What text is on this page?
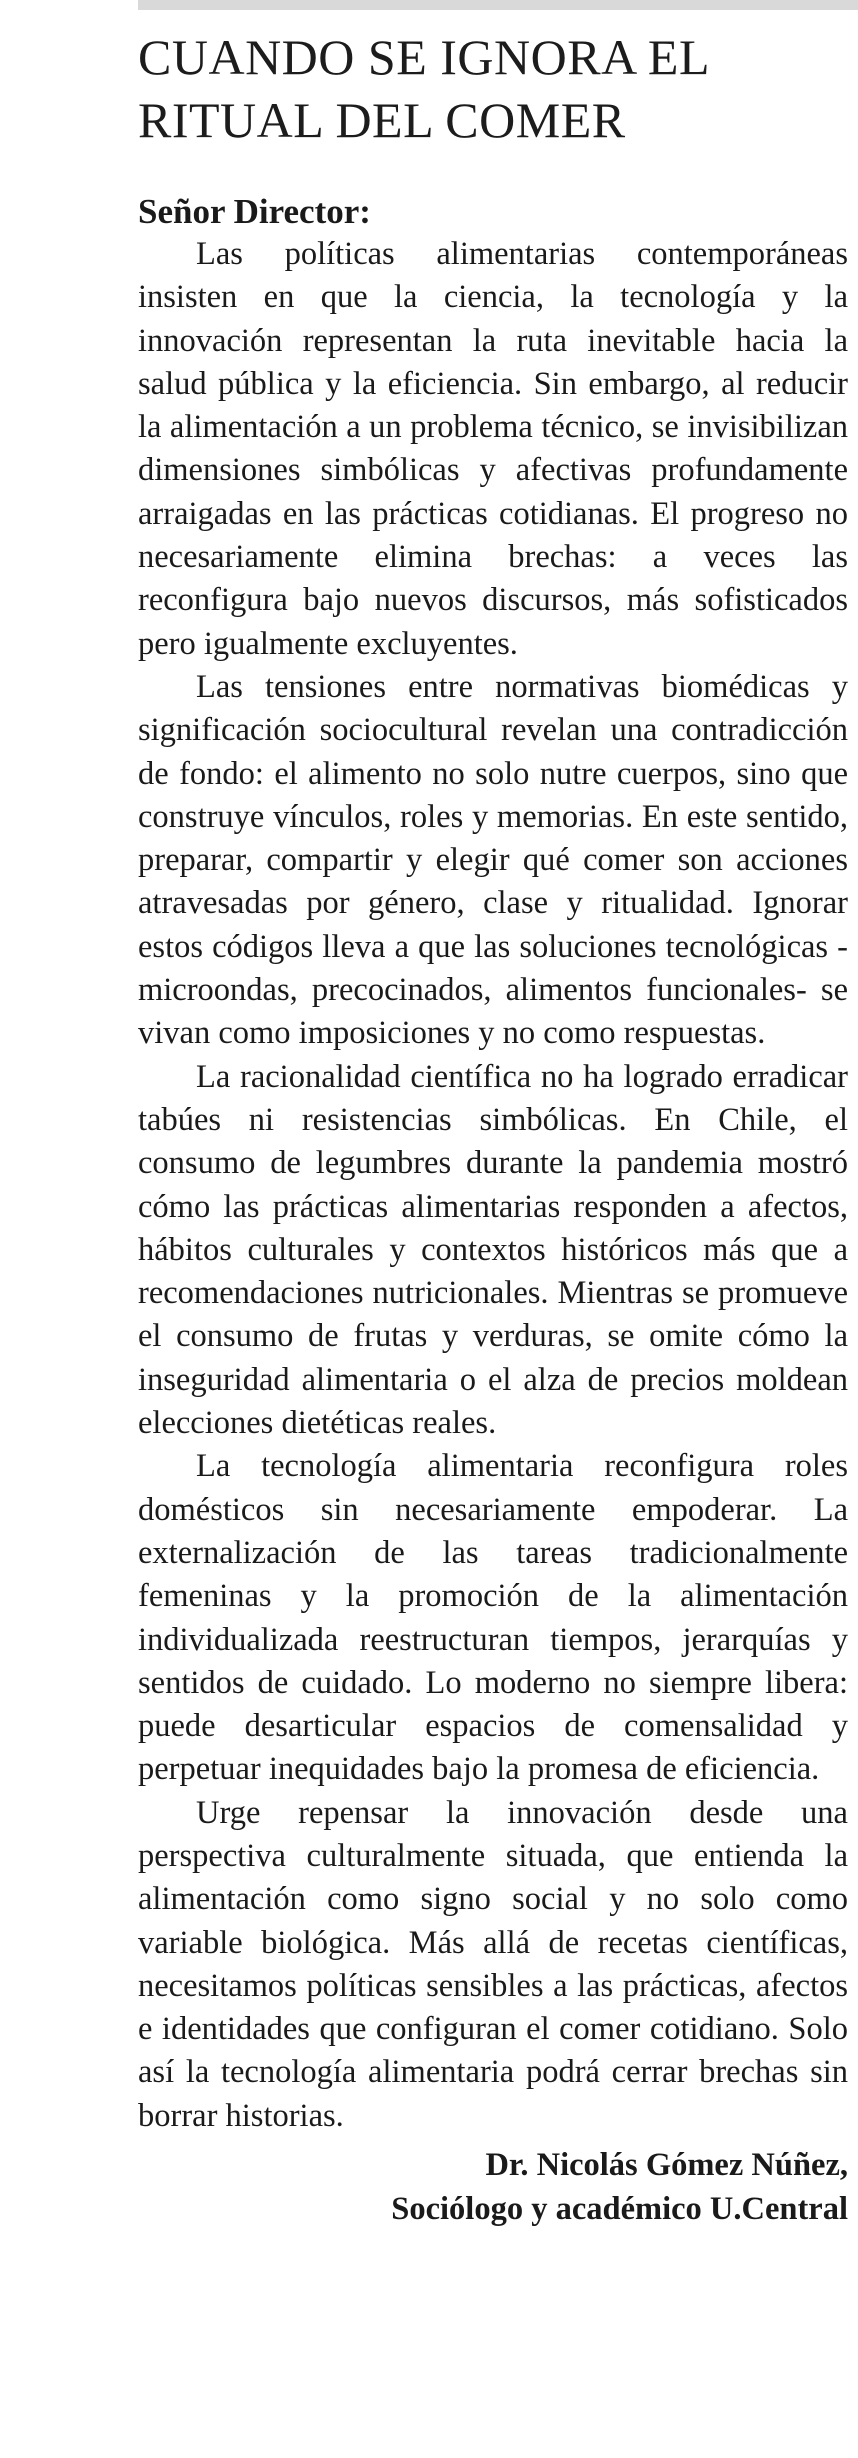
CUANDO SE IGNORA EL RITUAL DEL COMER
Señor Director:

Las políticas alimentarias contemporáneas insisten en que la ciencia, la tecnología y la innovación representan la ruta inevitable hacia la salud pública y la eficiencia. Sin embargo, al reducir la alimentación a un problema técnico, se invisibilizan dimensiones simbólicas y afectivas profundamente arraigadas en las prácticas cotidianas. El progreso no necesariamente elimina brechas: a veces las reconfigura bajo nuevos discursos, más sofisticados pero igualmente excluyentes.

Las tensiones entre normativas biomédicas y significación sociocultural revelan una contradicción de fondo: el alimento no solo nutre cuerpos, sino que construye vínculos, roles y memorias. En este sentido, preparar, compartir y elegir qué comer son acciones atravesadas por género, clase y ritualidad. Ignorar estos códigos lleva a que las soluciones tecnológicas -microondas, precocinados, alimentos funcionales- se vivan como imposiciones y no como respuestas.

La racionalidad científica no ha logrado erradicar tabúes ni resistencias simbólicas. En Chile, el consumo de legumbres durante la pandemia mostró cómo las prácticas alimentarias responden a afectos, hábitos culturales y contextos históricos más que a recomendaciones nutricionales. Mientras se promueve el consumo de frutas y verduras, se omite cómo la inseguridad alimentaria o el alza de precios moldean elecciones dietéticas reales.

La tecnología alimentaria reconfigura roles domésticos sin necesariamente empoderar. La externalización de las tareas tradicionalmente femeninas y la promoción de la alimentación individualizada reestructuran tiempos, jerarquías y sentidos de cuidado. Lo moderno no siempre libera: puede desarticular espacios de comensalidad y perpetuar inequidades bajo la promesa de eficiencia.

Urge repensar la innovación desde una perspectiva culturalmente situada, que entienda la alimentación como signo social y no solo como variable biológica. Más allá de recetas científicas, necesitamos políticas sensibles a las prácticas, afectos e identidades que configuran el comer cotidiano. Solo así la tecnología alimentaria podrá cerrar brechas sin borrar historias.

Dr. Nicolás Gómez Núñez,
Sociólogo y académico U.Central
